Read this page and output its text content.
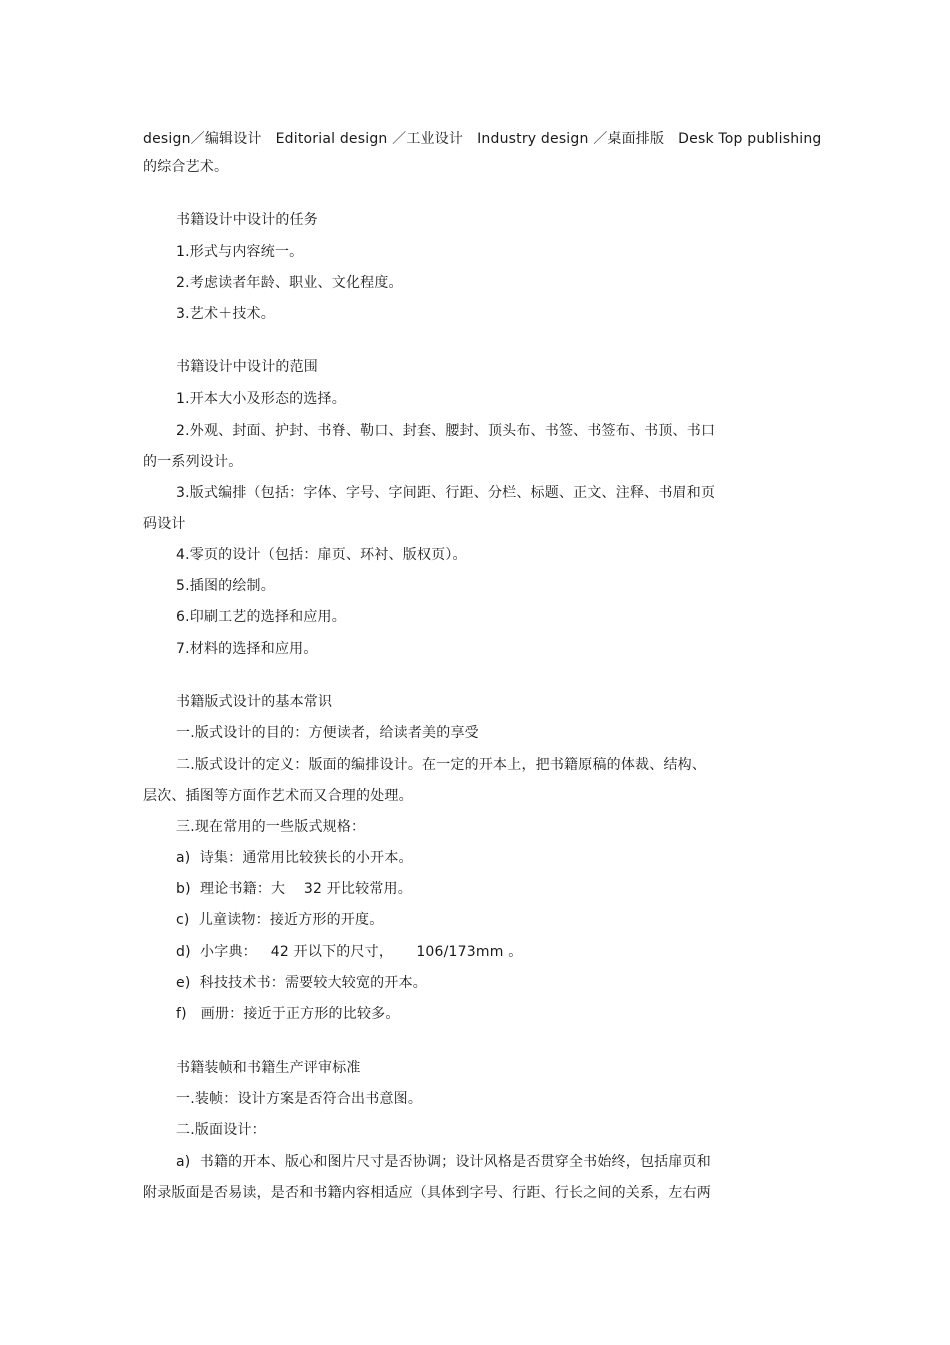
design／编辑设计   Editorial design ／工业设计   Industry design ／桌面排版   Desk Top publishing
的综合艺术。
书籍设计中设计的任务
1.形式与内容统一。
2.考虑读者年龄、职业、文化程度。
3.艺术＋技术。
书籍设计中设计的范围
1.开本大小及形态的选择。
2.外观、封面、护封、书脊、勒口、封套、腰封、顶头布、书签、书签布、书顶、书口
的一系列设计。
3.版式编排（包括：字体、字号、字间距、行距、分栏、标题、正文、注释、书眉和页
码设计
4.零页的设计（包括：扉页、环衬、版权页）。
5.插图的绘制。
6.印刷工艺的选择和应用。
7.材料的选择和应用。
书籍版式设计的基本常识
一.版式设计的目的：方便读者，给读者美的享受
二.版式设计的定义：版面的编排设计。在一定的开本上，把书籍原稿的体裁、结构、
层次、插图等方面作艺术而又合理的处理。
三.现在常用的一些版式规格：
a)  诗集：通常用比较狭长的小开本。
b)  理论书籍：大    32 开比较常用。
c)  儿童读物：接近方形的开度。
d)  小字典：   42 开以下的尺寸，     106/173mm 。
e)  科技技术书：需要较大较宽的开本。
f)   画册：接近于正方形的比较多。
书籍装帧和书籍生产评审标准
一.装帧：设计方案是否符合出书意图。
二.版面设计：
a)  书籍的开本、版心和图片尺寸是否协调；设计风格是否贯穿全书始终，包括扉页和
附录版面是否易读，是否和书籍内容相适应（具体到字号、行距、行长之间的关系，左右两
